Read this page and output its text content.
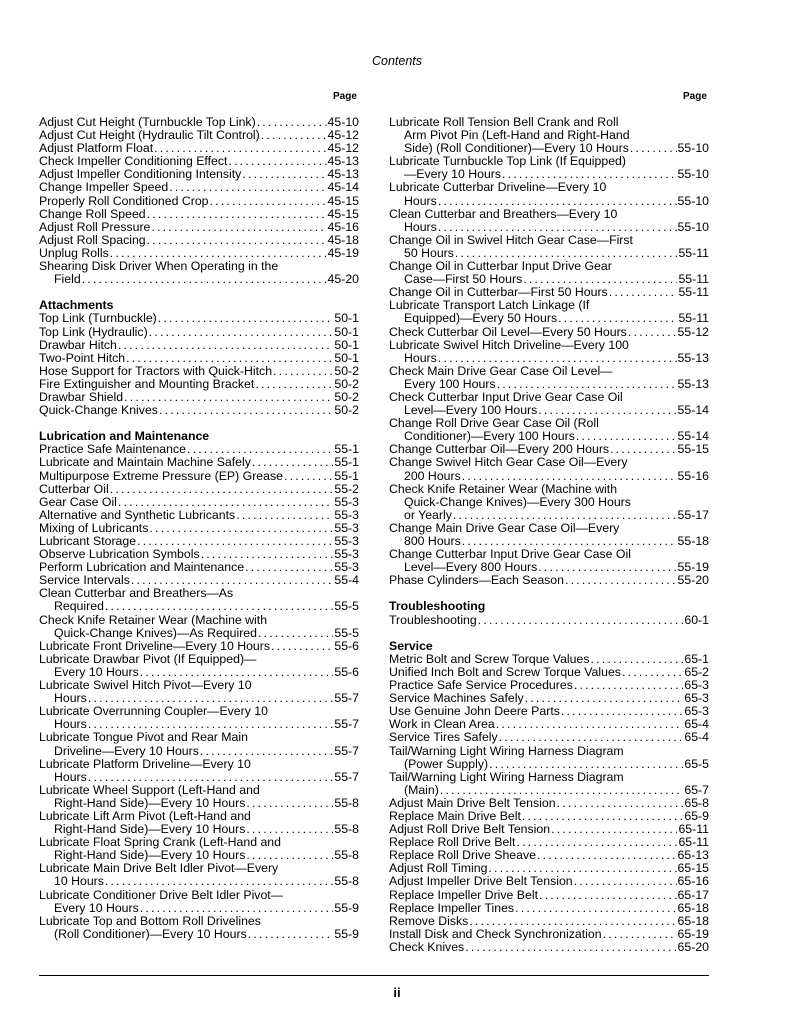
Contents
Page	Page
Adjust Cut Height (Turnbuckle Top Link) . . .	45-10
Adjust Cut Height (Hydraulic Tilt Control) . . .	45-12
Adjust Platform Float . . .	45-12
Check Impeller Conditioning Effect . . .	45-13
Adjust Impeller Conditioning Intensity . . .	45-13
Change Impeller Speed . . .	45-14
Properly Roll Conditioned Crop . . .	45-15
Change Roll Speed . . .	45-15
Adjust Roll Pressure . . .	45-16
Adjust Roll Spacing . . .	45-18
Unplug Rolls . . .	45-19
Shearing Disk Driver When Operating in the
Field . . .	45-20
Attachments
Top Link (Turnbuckle) . . .	50-1
Top Link (Hydraulic) . . .	50-1
Drawbar Hitch . . .	50-1
Two-Point Hitch . . .	50-1
Hose Support for Tractors with Quick-Hitch . . .	50-2
Fire Extinguisher and Mounting Bracket . . .	50-2
Drawbar Shield . . .	50-2
Quick-Change Knives . . .	50-2
Lubrication and Maintenance
Practice Safe Maintenance . . .	55-1
Lubricate and Maintain Machine Safely . . .	55-1
Multipurpose Extreme Pressure (EP) Grease . . .	55-1
Cutterbar Oil . . .	55-2
Gear Case Oil . . .	55-3
Alternative and Synthetic Lubricants . . .	55-3
Mixing of Lubricants . . .	55-3
Lubricant Storage . . .	55-3
Observe Lubrication Symbols . . .	55-3
Perform Lubrication and Maintenance . . .	55-3
Service Intervals . . .	55-4
Clean Cutterbar and Breathers—As
Required . . .	55-5
Check Knife Retainer Wear (Machine with
Quick-Change Knives)—As Required . . .	55-5
Lubricate Front Driveline—Every 10 Hours . . .	55-6
Lubricate Drawbar Pivot (If Equipped)—
Every 10 Hours . . .	55-6
Lubricate Swivel Hitch Pivot—Every 10
Hours . . .	55-7
Lubricate Overrunning Coupler—Every 10
Hours . . .	55-7
Lubricate Tongue Pivot and Rear Main
Driveline—Every 10 Hours . . .	55-7
Lubricate Platform Driveline—Every 10
Hours . . .	55-7
Lubricate Wheel Support (Left-Hand and
Right-Hand Side)—Every 10 Hours . . .	55-8
Lubricate Lift Arm Pivot (Left-Hand and
Right-Hand Side)—Every 10 Hours . . .	55-8
Lubricate Float Spring Crank (Left-Hand and
Right-Hand Side)—Every 10 Hours . . .	55-8
Lubricate Main Drive Belt Idler Pivot—Every
10 Hours . . .	55-8
Lubricate Conditioner Drive Belt Idler Pivot—
Every 10 Hours . . .	55-9
Lubricate Top and Bottom Roll Drivelines
(Roll Conditioner)—Every 10 Hours . . .	55-9
Lubricate Roll Tension Bell Crank and Roll
Arm Pivot Pin (Left-Hand and Right-Hand
Side) (Roll Conditioner)—Every 10 Hours . . .	55-10
Lubricate Turnbuckle Top Link (If Equipped)
—Every 10 Hours . . .	55-10
Lubricate Cutterbar Driveline—Every 10
Hours . . .	55-10
Clean Cutterbar and Breathers—Every 10
Hours . . .	55-10
Change Oil in Swivel Hitch Gear Case—First
50 Hours . . .	55-11
Change Oil in Cutterbar Input Drive Gear
Case—First 50 Hours . . .	55-11
Change Oil in Cutterbar—First 50 Hours . . .	55-11
Lubricate Transport Latch Linkage (If
Equipped)—Every 50 Hours . . .	55-11
Check Cutterbar Oil Level—Every 50 Hours . . .	55-12
Lubricate Swivel Hitch Driveline—Every 100
Hours . . .	55-13
Check Main Drive Gear Case Oil Level—
Every 100 Hours . . .	55-13
Check Cutterbar Input Drive Gear Case Oil
Level—Every 100 Hours . . .	55-14
Change Roll Drive Gear Case Oil (Roll
Conditioner)—Every 100 Hours . . .	55-14
Change Cutterbar Oil—Every 200 Hours . . .	55-15
Change Swivel Hitch Gear Case Oil—Every
200 Hours . . .	55-16
Check Knife Retainer Wear (Machine with
Quick-Change Knives)—Every 300 Hours
or Yearly . . .	55-17
Change Main Drive Gear Case Oil—Every
800 Hours . . .	55-18
Change Cutterbar Input Drive Gear Case Oil
Level—Every 800 Hours . . .	55-19
Phase Cylinders—Each Season . . .	55-20
Troubleshooting
Troubleshooting . . .	60-1
Service
Metric Bolt and Screw Torque Values . . .	65-1
Unified Inch Bolt and Screw Torque Values . . .	65-2
Practice Safe Service Procedures . . .	65-3
Service Machines Safely . . .	65-3
Use Genuine John Deere Parts . . .	65-3
Work in Clean Area . . .	65-4
Service Tires Safely . . .	65-4
Tail/Warning Light Wiring Harness Diagram
(Power Supply) . . .	65-5
Tail/Warning Light Wiring Harness Diagram
(Main) . . .	65-7
Adjust Main Drive Belt Tension . . .	65-8
Replace Main Drive Belt . . .	65-9
Adjust Roll Drive Belt Tension . . .	65-11
Replace Roll Drive Belt . . .	65-11
Replace Roll Drive Sheave . . .	65-13
Adjust Roll Timing . . .	65-15
Adjust Impeller Drive Belt Tension . . .	65-16
Replace Impeller Drive Belt . . .	65-17
Replace Impeller Tines . . .	65-18
Remove Disks . . .	65-18
Install Disk and Check Synchronization . . .	65-19
Check Knives . . .	65-20
ii
